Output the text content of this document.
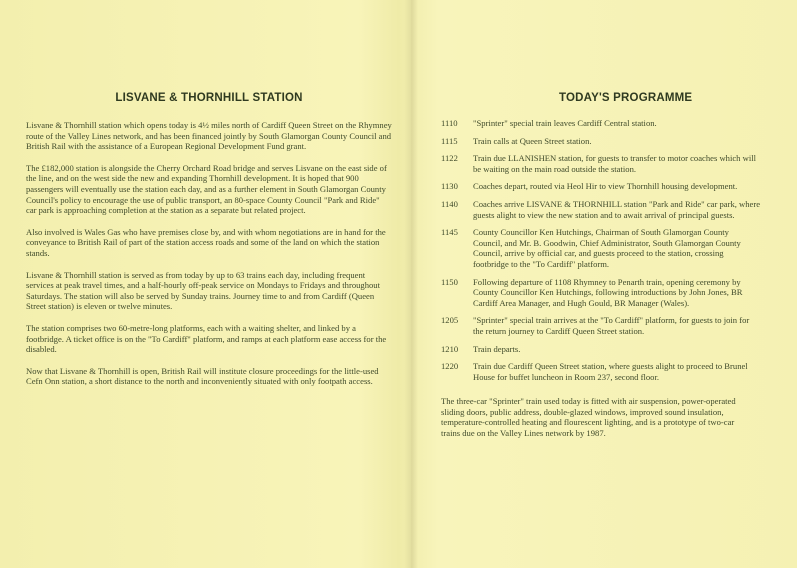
LISVANE & THORNHILL STATION

Lisvane & Thornhill station which opens today is 4½ miles north of Cardiff Queen Street on the Rhymney route of the Valley Lines network, and has been financed jointly by South Glamorgan County Council and British Rail with the assistance of a European Regional Development Fund grant.

The £182,000 station is alongside the Cherry Orchard Road bridge and serves Lisvane on the east side of the line, and on the west side the new and expanding Thornhill development. It is hoped that 900 passengers will eventually use the station each day, and as a further element in South Glamorgan County Council's policy to encourage the use of public transport, an 80-space County Council "Park and Ride" car park is approaching completion at the station as a separate but related project.

Also involved is Wales Gas who have premises close by, and with whom negotiations are in hand for the conveyance to British Rail of part of the station access roads and some of the land on which the station stands.

Lisvane & Thornhill station is served as from today by up to 63 trains each day, including frequent services at peak travel times, and a half-hourly off-peak service on Mondays to Fridays and throughout Saturdays. The station will also be served by Sunday trains. Journey time to and from Cardiff (Queen Street station) is eleven or twelve minutes.

The station comprises two 60-metre-long platforms, each with a waiting shelter, and linked by a footbridge. A ticket office is on the "To Cardiff" platform, and ramps at each platform ease access for the disabled.

Now that Lisvane & Thornhill is open, British Rail will institute closure proceedings for the little-used Cefn Onn station, a short distance to the north and inconveniently situated with only footpath access.

TODAY'S PROGRAMME
1110	"Sprinter" special train leaves Cardiff Central station.
1115	Train calls at Queen Street station.
1122	Train due LLANISHEN station, for guests to transfer to motor coaches which will
be waiting on the main road outside the station.
1130	Coaches depart, routed via Heol Hir to view Thornhill housing development.
1140	Coaches arrive LISVANE & THORNHILL station "Park and Ride" car park, where
guests alight to view the new station and to await arrival of principal guests.
1145	County Councillor Ken Hutchings, Chairman of South Glamorgan County
Council, and Mr. B. Goodwin, Chief Administrator, South Glamorgan County
Council, arrive by official car, and guests proceed to the station, crossing
footbridge to the "To Cardiff" platform.
1150	Following departure of 1108 Rhymney to Penarth train, opening ceremony by
County Councillor Ken Hutchings, following introductions by John Jones, BR
Cardiff Area Manager, and Hugh Gould, BR Manager (Wales).
1205	"Sprinter" special train arrives at the "To Cardiff" platform, for guests to join for
the return journey to Cardiff Queen Street station.
1210	Train departs.
1220	Train due Cardiff Queen Street station, where guests alight to proceed to Brunel
House for buffet luncheon in Room 237, second floor.
The three-car "Sprinter" train used today is fitted with air suspension, power-operated
sliding doors, public address, double-glazed windows, improved sound insulation,
temperature-controlled heating and flourescent lighting, and is a prototype of two-car
trains due on the Valley Lines network by 1987.
